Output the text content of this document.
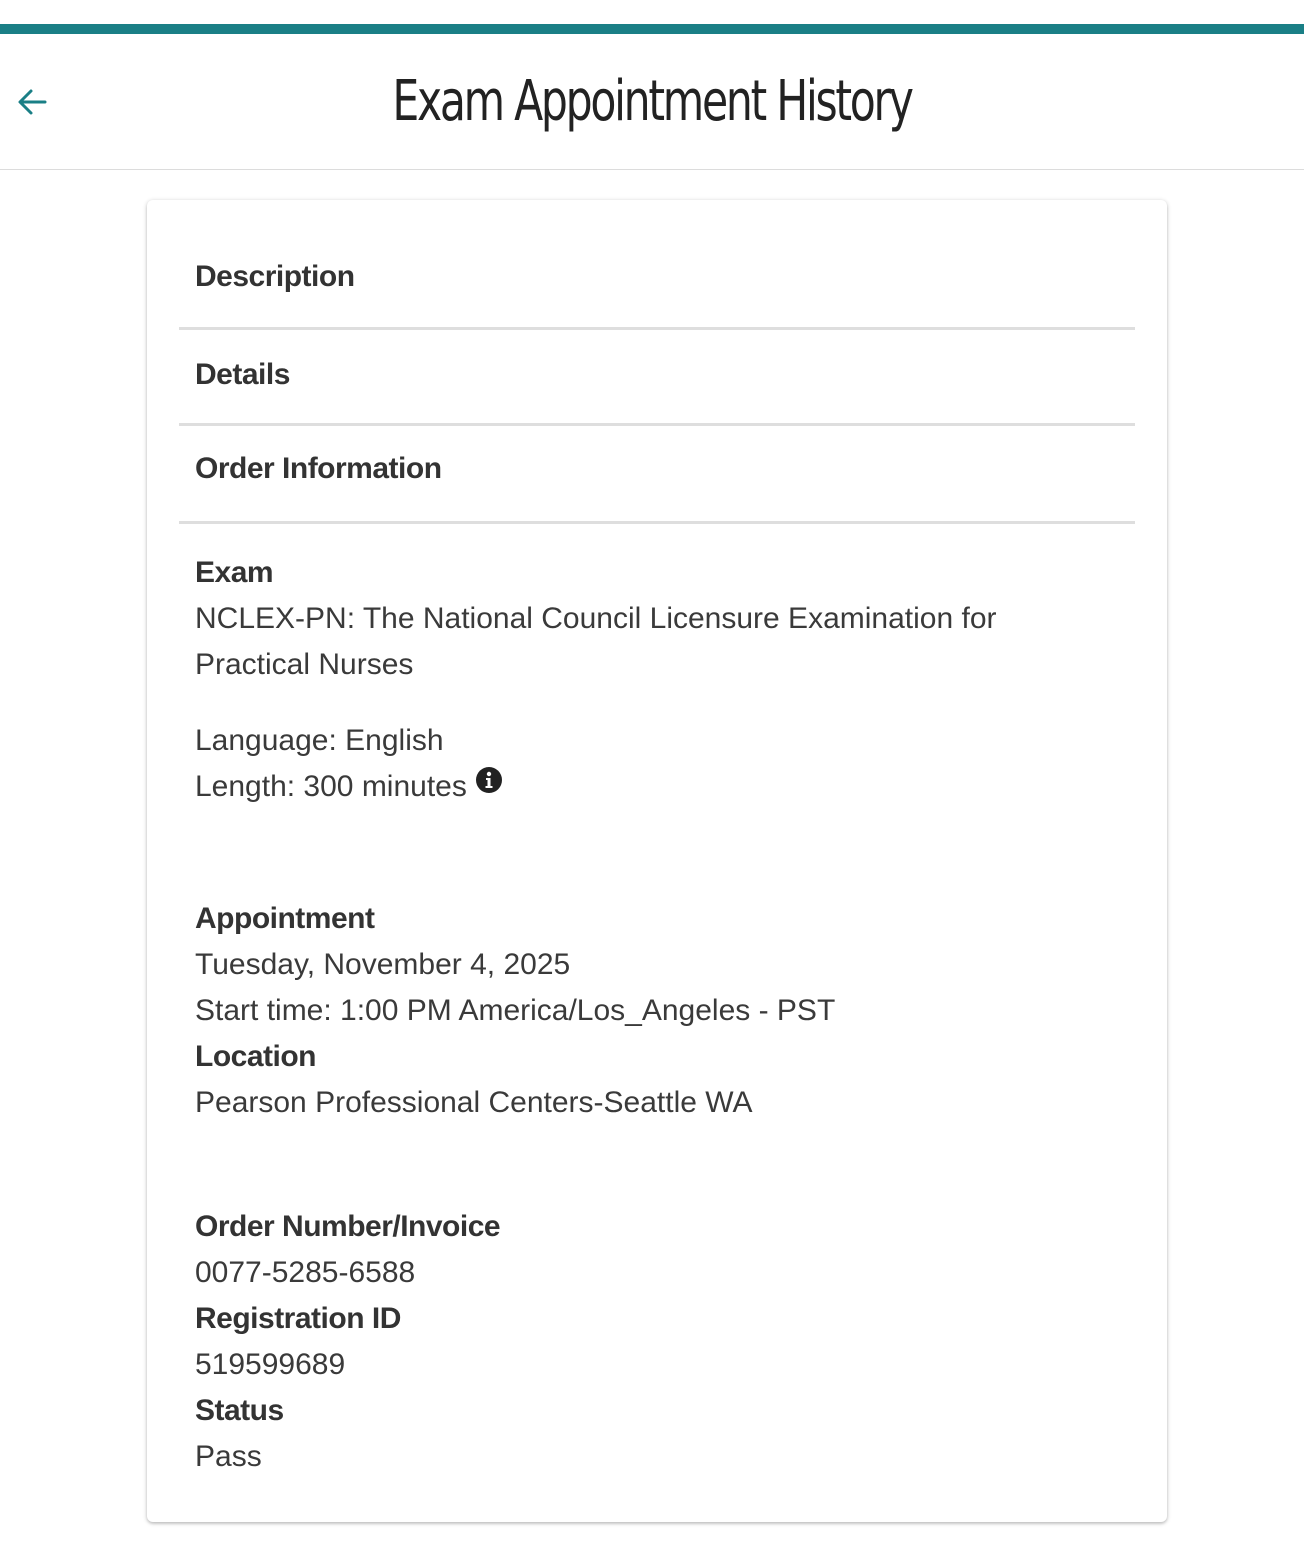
Exam Appointment History
Description
Details
Order Information
Exam
NCLEX-PN: The National Council Licensure Examination for
Practical Nurses
Language: English
Length: 300 minutes
Appointment
Tuesday, November 4, 2025
Start time: 1:00 PM America/Los_Angeles - PST
Location
Pearson Professional Centers-Seattle WA
Order Number/Invoice
0077-5285-6588
Registration ID
519599689
Status
Pass
